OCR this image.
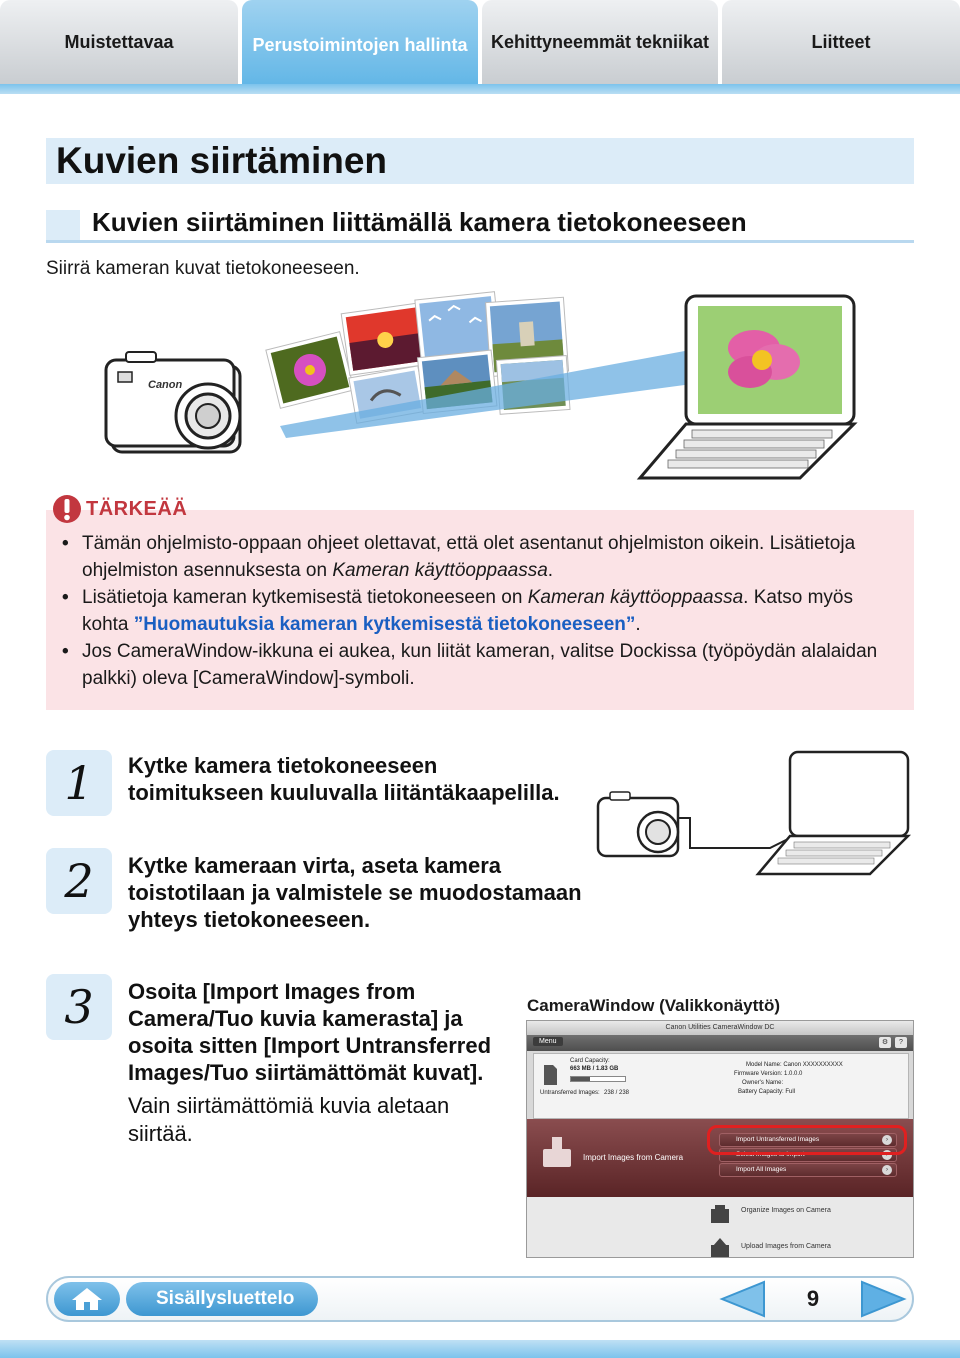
Muistettavaa	Perustoimintojen hallinta	Kehittyneemmät tekniikat	Liitteet
Kuvien siirtäminen
Kuvien siirtäminen liittämällä kamera tietokoneeseen
Siirrä kameran kuvat tietokoneeseen.
Canon
TÄRKEÄÄ
• Tämän ohjelmisto-oppaan ohjeet olettavat, että olet asentanut ohjelmiston oikein. Lisätietoja ohjelmiston asennuksesta on Kameran käyttöoppaassa.
• Lisätietoja kameran kytkemisestä tietokoneeseen on Kameran käyttöoppaassa. Katso myös kohta ”Huomautuksia kameran kytkemisestä tietokoneeseen”.
• Jos CameraWindow-ikkuna ei aukea, kun liität kameran, valitse Dockissa (työpöydän alalaidan palkki) oleva [CameraWindow]-symboli.
1	Kytke kamera tietokoneeseen
toimitukseen kuuluvalla liitäntäkaapelilla.
2	Kytke kameraan virta, aseta kamera
toistotilaan ja valmistele se muodostamaan
yhteys tietokoneeseen.
3	Osoita [Import Images from
Camera/Tuo kuvia kamerasta] ja
osoita sitten [Import Untransferred
Images/Tuo siirtämättömät kuvat].
Vain siirtämättömiä kuvia aletaan siirtää.
CameraWindow (Valikkonäyttö)
Canon Utilities CameraWindow DC
Menu	⚙	?
Card Capacity:
663 MB / 1.83 GB
Untransferred Images: 238 / 238
Model Name: Canon XXXXXXXXXX
Firmware Version: 1.0.0.0
Owner's Name:
Battery Capacity: Full
Import Images from Camera
Import Untransferred Images	›
Select Images to Import	›
Import All Images	›
Organize Images on Camera
Upload Images from Camera
Sisällysluettelo	9
